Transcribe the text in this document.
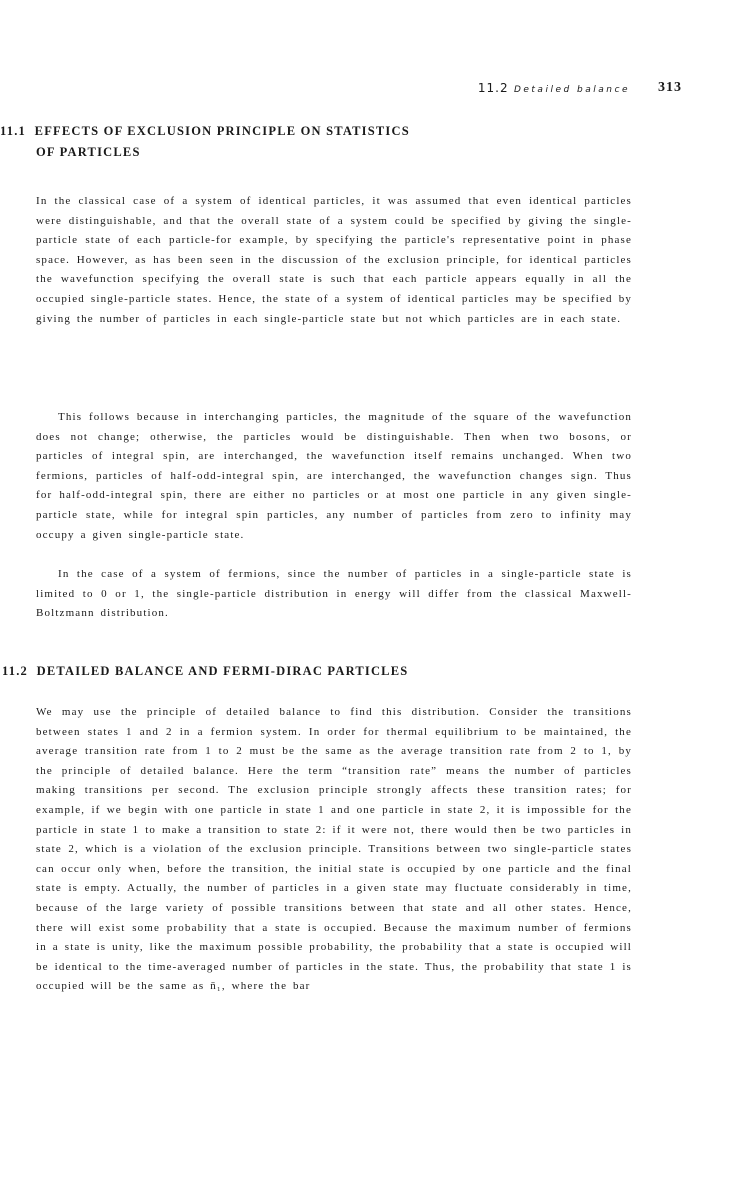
11.2 Detailed balance 313
11.1 EFFECTS OF EXCLUSION PRINCIPLE ON STATISTICS
OF PARTICLES

In the classical case of a system of identical particles, it was assumed that even identical particles were distinguishable, and that the overall state of a system could be specified by giving the single-particle state of each particle-for example, by specifying the particle's representative point in phase space. However, as has been seen in the discussion of the exclusion principle, for identical particles the wavefunction specifying the overall state is such that each particle appears equally in all the occupied single-particle states. Hence, the state of a system of identical particles may be specified by giving the number of particles in each single-particle state but not which particles are in each state.

This follows because in interchanging particles, the magnitude of the square of the wavefunction does not change; otherwise, the particles would be distinguishable. Then when two bosons, or particles of integral spin, are interchanged, the wavefunction itself remains unchanged. When two fermions, particles of half-odd-integral spin, are interchanged, the wavefunction changes sign. Thus for half-odd-integral spin, there are either no particles or at most one particle in any given single-particle state, while for integral spin particles, any number of particles from zero to infinity may occupy a given single-particle state.

In the case of a system of fermions, since the number of particles in a single-particle state is limited to 0 or 1, the single-particle distribution in energy will differ from the classical Maxwell-Boltzmann distribution.

11.2 DETAILED BALANCE AND FERMI-DIRAC PARTICLES

We may use the principle of detailed balance to find this distribution. Consider the transitions between states 1 and 2 in a fermion system. In order for thermal equilibrium to be maintained, the average transition rate from 1 to 2 must be the same as the average transition rate from 2 to 1, by the principle of detailed balance. Here the term “transition rate” means the number of particles making transitions per second. The exclusion principle strongly affects these transition rates; for example, if we begin with one particle in state 1 and one particle in state 2, it is impossible for the particle in state 1 to make a transition to state 2: if it were not, there would then be two particles in state 2, which is a violation of the exclusion principle. Transitions between two single-particle states can occur only when, before the transition, the initial state is occupied by one particle and the final state is empty. Actually, the number of particles in a given state may fluctuate considerably in time, because of the large variety of possible transitions between that state and all other states. Hence, there will exist some probability that a state is occupied. Because the maximum number of fermions in a state is unity, like the maximum possible probability, the probability that a state is occupied will be identical to the time-averaged number of particles in the state. Thus, the probability that state 1 is occupied will be the same as n̄₁, where the bar
